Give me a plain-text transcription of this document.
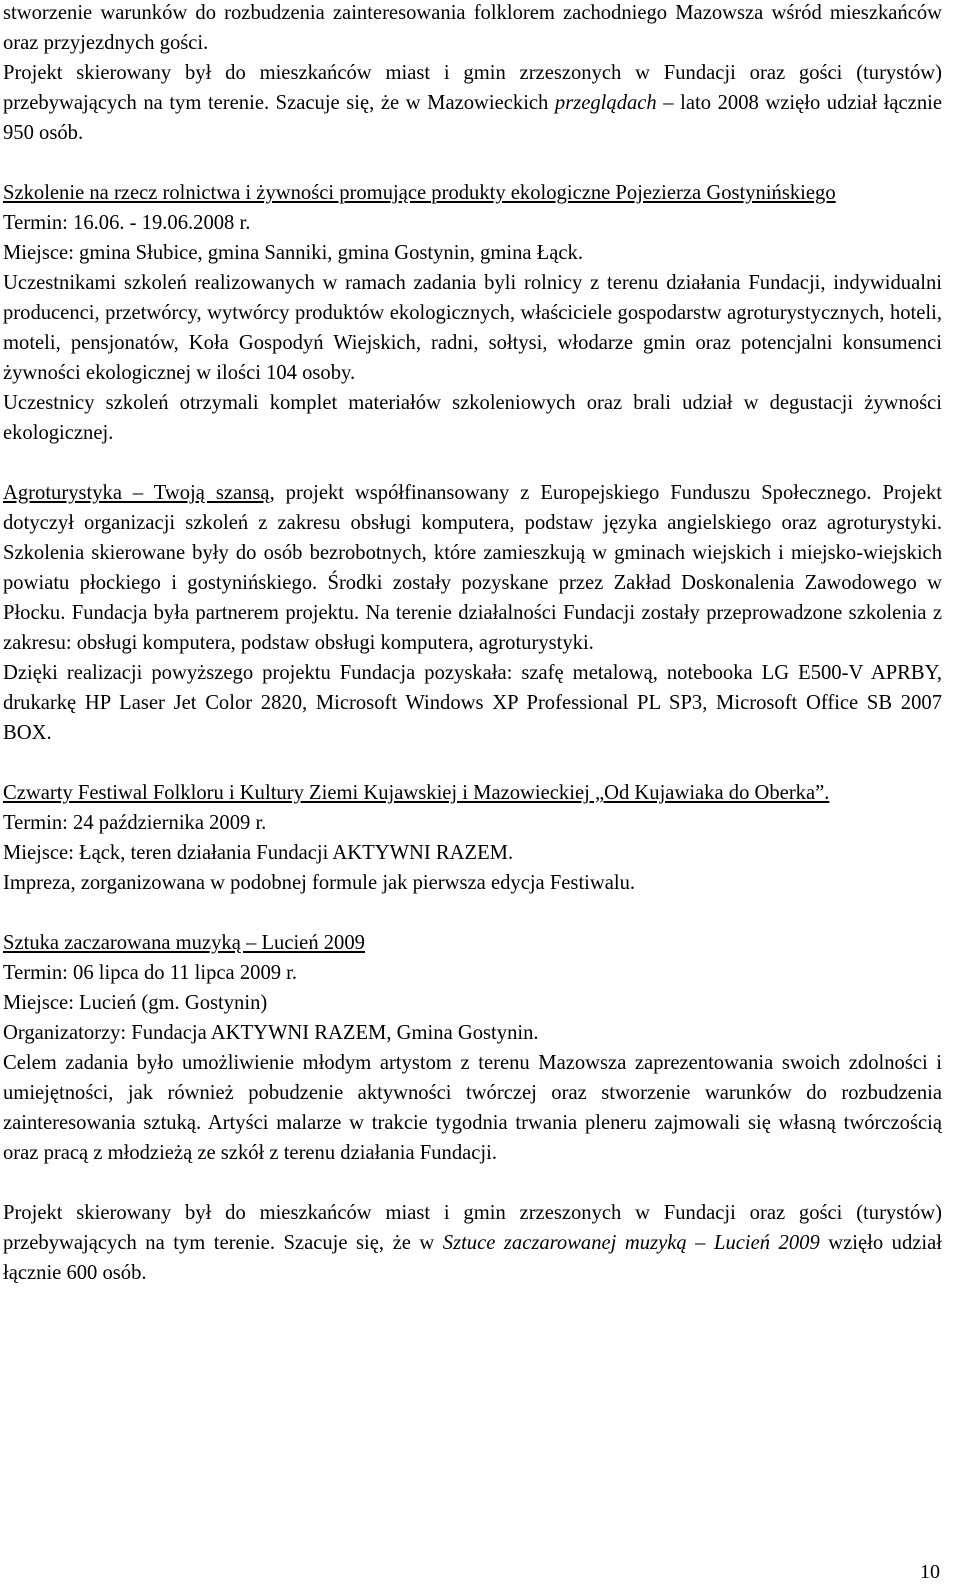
stworzenie warunków do rozbudzenia zainteresowania folklorem zachodniego Mazowsza wśród mieszkańców oraz przyjezdnych gości.
Projekt skierowany był do mieszkańców miast i gmin zrzeszonych w Fundacji oraz gości (turystów) przebywających na tym terenie. Szacuje się, że w Mazowieckich przeglądach – lato 2008 wzięło udział łącznie 950 osób.

Szkolenie na rzecz rolnictwa i żywności promujące produkty ekologiczne Pojezierza Gostynińskiego

Termin: 16.06. - 19.06.2008 r.

Miejsce: gmina Słubice, gmina Sanniki, gmina Gostynin, gmina Łąck.

Uczestnikami szkoleń realizowanych w ramach zadania byli rolnicy z terenu działania Fundacji, indywidualni producenci, przetwórcy, wytwórcy produktów ekologicznych, właściciele gospodarstw agroturystycznych, hoteli, moteli, pensjonatów, Koła Gospodyń Wiejskich, radni, sołtysi, włodarze gmin oraz potencjalni konsumenci żywności ekologicznej w ilości 104 osoby.

Uczestnicy szkoleń otrzymali komplet materiałów szkoleniowych oraz brali udział w degustacji żywności ekologicznej.

Agroturystyka – Twoją szansą, projekt współfinansowany z Europejskiego Funduszu Społecznego. Projekt dotyczył organizacji szkoleń z zakresu obsługi komputera, podstaw języka angielskiego oraz agroturystyki. Szkolenia skierowane były do osób bezrobotnych, które zamieszkują w gminach wiejskich i miejsko-wiejskich powiatu płockiego i gostynińskiego. Środki zostały pozyskane przez Zakład Doskonalenia Zawodowego w Płocku. Fundacja była partnerem projektu. Na terenie działalności Fundacji zostały przeprowadzone szkolenia z zakresu: obsługi komputera, podstaw obsługi komputera, agroturystyki.

Dzięki realizacji powyższego projektu Fundacja pozyskała: szafę metalową, notebooka LG E500-V APRBY, drukarkę HP Laser Jet Color 2820, Microsoft Windows XP Professional PL SP3, Microsoft Office SB 2007 BOX.

Czwarty Festiwal Folkloru i Kultury Ziemi Kujawskiej i Mazowieckiej „Od Kujawiaka do Oberka”.

Termin: 24 października 2009 r.

Miejsce: Łąck, teren działania Fundacji AKTYWNI RAZEM.

Impreza, zorganizowana w podobnej formule jak pierwsza edycja Festiwalu.

Sztuka zaczarowana muzyką – Lucień 2009

Termin: 06 lipca do 11 lipca 2009 r.

Miejsce: Lucień (gm. Gostynin)

Organizatorzy: Fundacja AKTYWNI RAZEM, Gmina Gostynin.

Celem zadania było umożliwienie młodym artystom z terenu Mazowsza zaprezentowania swoich zdolności i umiejętności, jak również pobudzenie aktywności twórczej oraz stworzenie warunków do rozbudzenia zainteresowania sztuką. Artyści malarze w trakcie tygodnia trwania pleneru zajmowali się własną twórczością oraz pracą z młodzieżą ze szkół z terenu działania Fundacji.

Projekt skierowany był do mieszkańców miast i gmin zrzeszonych w Fundacji oraz gości (turystów) przebywających na tym terenie. Szacuje się, że w Sztuce zaczarowanej muzyką – Lucień 2009 wzięło udział łącznie 600 osób.

10
